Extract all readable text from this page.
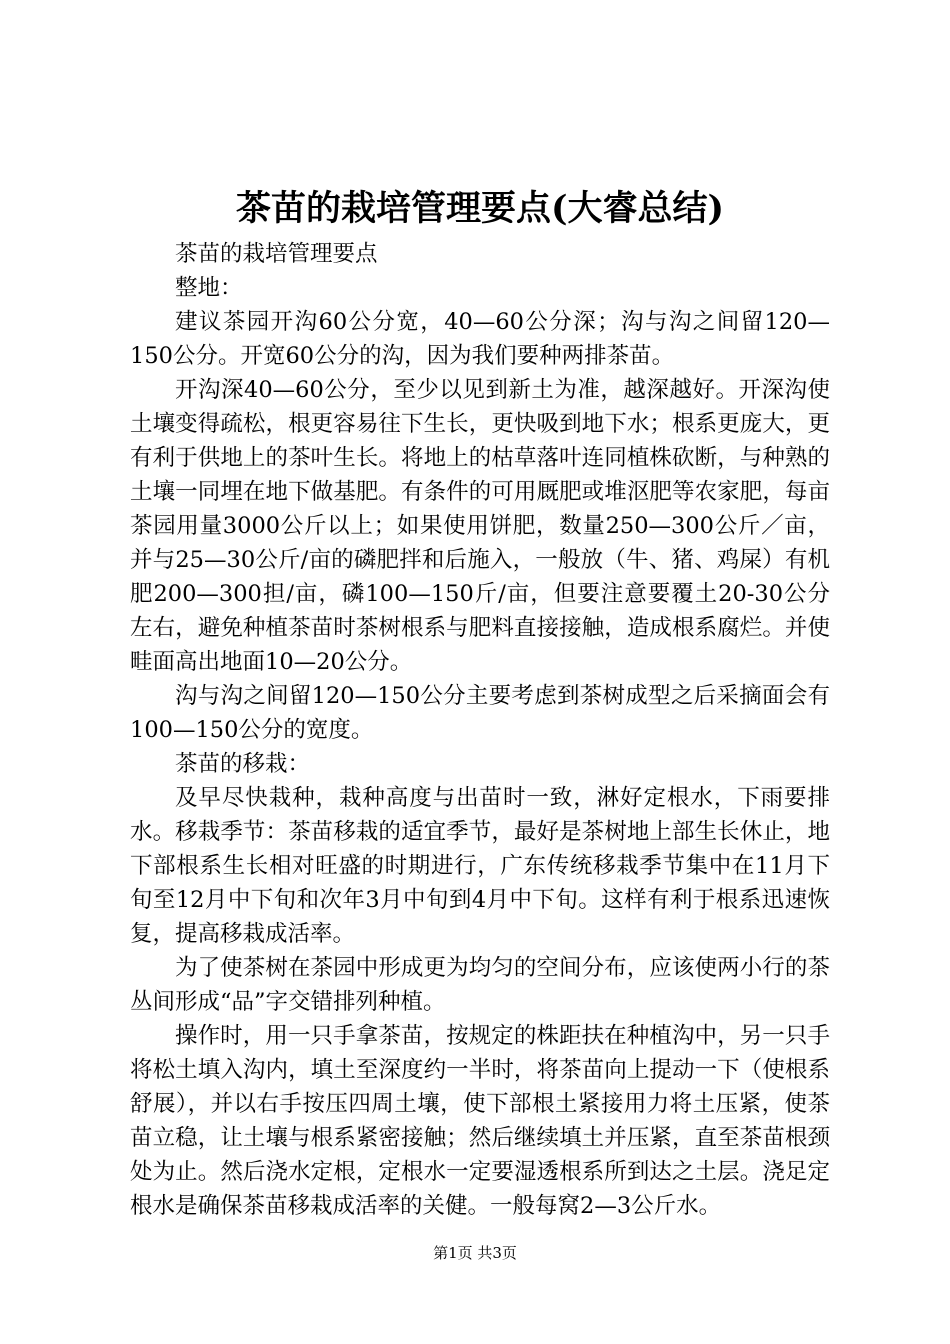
茶苗的栽培管理要点(大睿总结)

茶苗的栽培管理要点

整地：

建议茶园开沟60公分宽，40—60公分深；沟与沟之间留120—150公分。开宽60公分的沟，因为我们要种两排茶苗。

开沟深40—60公分，至少以见到新土为准，越深越好。开深沟使土壤变得疏松，根更容易往下生长，更快吸到地下水；根系更庞大，更有利于供地上的茶叶生长。将地上的枯草落叶连同植株砍断，与种熟的土壤一同埋在地下做基肥。有条件的可用厩肥或堆沤肥等农家肥，每亩茶园用量3000公斤以上；如果使用饼肥，数量250—300公斤／亩，并与25—30公斤/亩的磷肥拌和后施入，一般放（牛、猪、鸡屎）有机肥200—300担/亩，磷100—150斤/亩，但要注意要覆土20-30公分左右，避免种植茶苗时茶树根系与肥料直接接触，造成根系腐烂。并使畦面高出地面10—20公分。

沟与沟之间留120—150公分主要考虑到茶树成型之后采摘面会有100—150公分的宽度。

茶苗的移栽：

及早尽快栽种，栽种高度与出苗时一致，淋好定根水，下雨要排水。移栽季节：茶苗移栽的适宜季节，最好是茶树地上部生长休止，地下部根系生长相对旺盛的时期进行，广东传统移栽季节集中在11月下旬至12月中下旬和次年3月中旬到4月中下旬。这样有利于根系迅速恢复，提高移栽成活率。

为了使茶树在茶园中形成更为均匀的空间分布，应该使两小行的茶丛间形成“品”字交错排列种植。

操作时，用一只手拿茶苗，按规定的株距扶在种植沟中，另一只手将松土填入沟内，填土至深度约一半时，将茶苗向上提动一下（使根系舒展），并以右手按压四周土壤，使下部根土紧接用力将土压紧，使茶苗立稳，让土壤与根系紧密接触；然后继续填土并压紧，直至茶苗根颈处为止。然后浇水定根，定根水一定要湿透根系所到达之土层。浇足定根水是确保茶苗移栽成活率的关健。一般每窝2—3公斤水。

第1页 共3页
